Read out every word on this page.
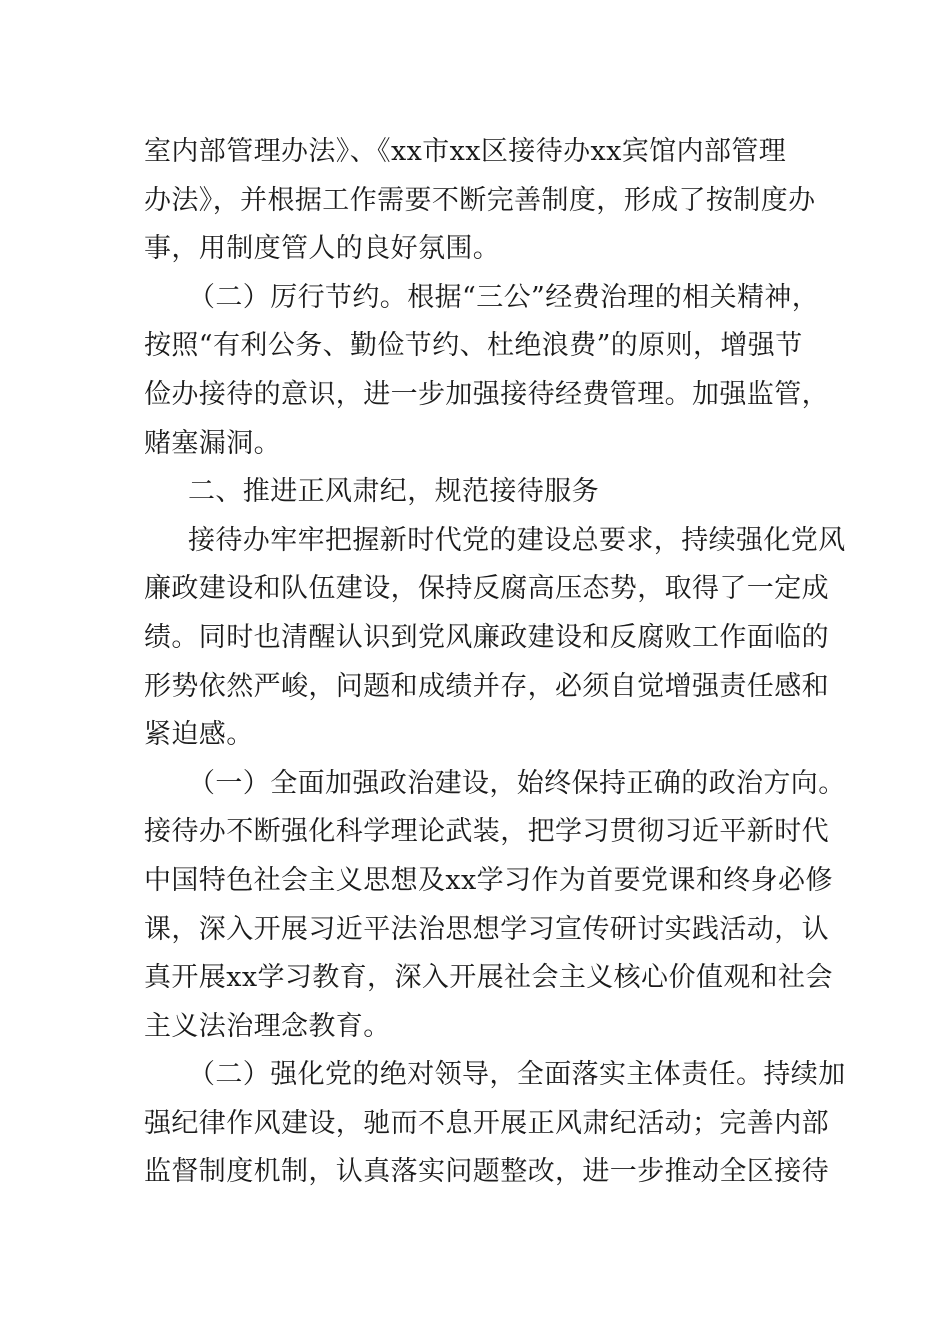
室内部管理办法》、《xx市xx区接待办xx宾馆内部管理
办法》，并根据工作需要不断完善制度，形成了按制度办
事，用制度管人的良好氛围。
（二）厉行节约。根据“三公”经费治理的相关精神，
按照“有利公务、勤俭节约、杜绝浪费”的原则，增强节
俭办接待的意识，进一步加强接待经费管理。加强监管，
赌塞漏洞。
二、推进正风肃纪，规范接待服务
接待办牢牢把握新时代党的建设总要求，持续强化党风
廉政建设和队伍建设，保持反腐高压态势，取得了一定成
绩。同时也清醒认识到党风廉政建设和反腐败工作面临的
形势依然严峻，问题和成绩并存，必须自觉增强责任感和
紧迫感。
（一）全面加强政治建设，始终保持正确的政治方向。
接待办不断强化科学理论武装，把学习贯彻习近平新时代
中国特色社会主义思想及xx学习作为首要党课和终身必修
课，深入开展习近平法治思想学习宣传研讨实践活动，认
真开展xx学习教育，深入开展社会主义核心价值观和社会
主义法治理念教育。
（二）强化党的绝对领导，全面落实主体责任。持续加
强纪律作风建设，驰而不息开展正风肃纪活动；完善内部
监督制度机制，认真落实问题整改，进一步推动全区接待
